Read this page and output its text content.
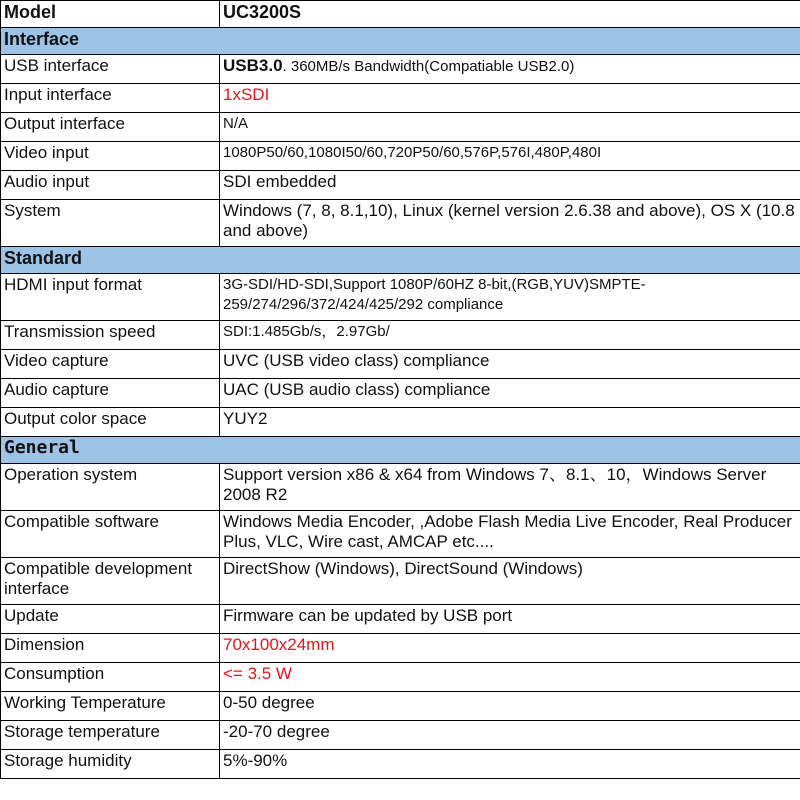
Model	UC3200S
Interface	
USB interface	USB3.0. 360MB/s Bandwidth(Compatiable USB2.0)
Input interface	1xSDI
Output interface	N/A
Video input	1080P50/60,1080I50/60,720P50/60,576P,576I,480P,480I
Audio input	SDI embedded
System	Windows (7, 8, 8.1,10), Linux (kernel version 2.6.38 and above), OS X (10.8 and above)
Standard	
HDMI input format	3G-SDI/HD-SDI,Support 1080P/60HZ 8-bit,(RGB,YUV)SMPTE-259/274/296/372/424/425/292 compliance
Transmission speed	SDI:1.485Gb/s，2.97Gb/
Video capture	UVC (USB video class) compliance
Audio capture	UAC (USB audio class) compliance
Output color space	YUY2
General	
Operation system	Support version x86 & x64 from Windows 7、8.1、10，Windows Server 2008 R2
Compatible software	Windows Media Encoder, ,Adobe Flash Media Live Encoder, Real Producer Plus, VLC, Wire cast, AMCAP etc....
Compatible development interface	DirectShow (Windows), DirectSound (Windows)
Update	Firmware can be updated by USB port
Dimension	70x100x24mm
Consumption	<= 3.5 W
Working Temperature	0-50 degree
Storage temperature	-20-70 degree
Storage humidity	5%-90%
